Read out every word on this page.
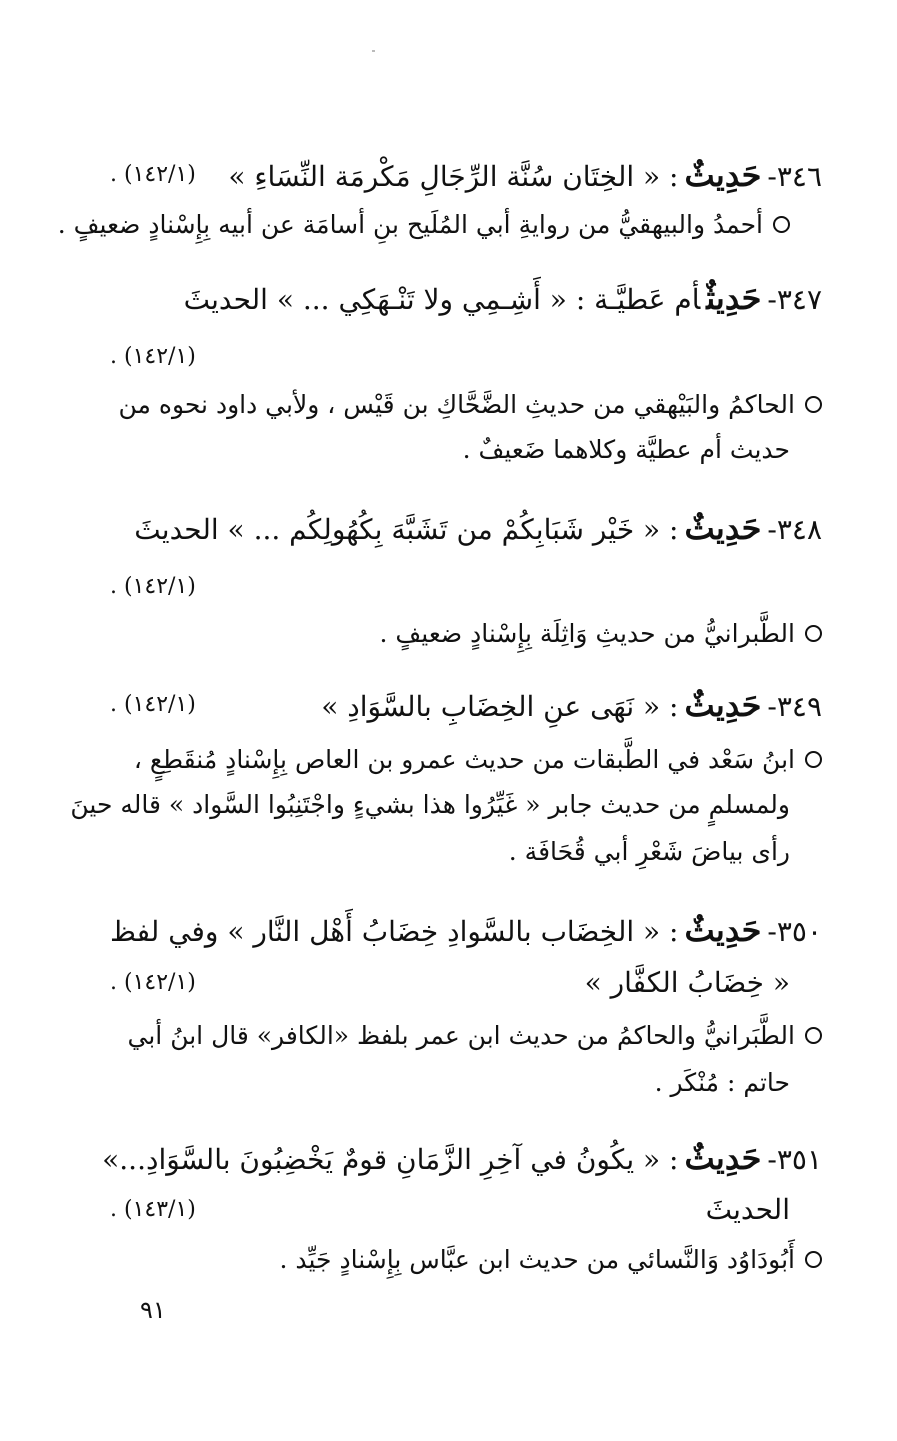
٣٤٦-حَدِيثٌ: « الخِتَان سُنَّة الرِّجَالِ مَكْرمَة النِّسَاءِ »
(١٤٢/١) .
أحمدُ والبيهقيُّ من روايةِ أبي المُلَيح بنِ أسامَة عن أبيه بِإِسْنادٍ ضعيفٍ .
٣٤٧-حَدِيثٌأم عَطيَّـة : « أَشِـمِي ولا تَنْـهَكِي ... » الحديثَ
(١٤٢/١) .
الحاكمُ والبَيْهقي من حديثِ الضَّحَّاكِ بن قَيْس ، ولأبي داود نحوه من
حديث أم عطيَّة وكلاهما ضَعيفٌ .
٣٤٨-حَدِيثٌ: « خَيْر شَبَابِكُمْ من تَشَبَّهَ بِكُهُولِكُم ... » الحديثَ
(١٤٢/١) .
الطَّبرانيُّ من حديثِ وَاثِلَة بِإِسْنادٍ ضعيفٍ .
٣٤٩-حَدِيثٌ: « نَهَى عنِ الخِضَابِ بالسَّوَادِ »
(١٤٢/١) .
ابنُ سَعْد في الطَّبقات من حديث عمرو بن العاص بِإِسْنادٍ مُنقَطِعٍ ،
ولمسلمٍ من حديث جابر « غَيِّرُوا هذا بشيءٍ واجْتَنِبُوا السَّواد » قاله حينَ
رأى بياضَ شَعْرِ أبي قُحَافَة .
٣٥٠-حَدِيثٌ: « الخِضَاب بالسَّوادِ خِضَابُ أَهْل النَّار » وفي لفظ
« خِضَابُ الكفَّار »
(١٤٢/١) .
الطَّبَرانيُّ والحاكمُ من حديث ابن عمر بلفظ «الكافر» قال ابنُ أبي
حاتم : مُنْكَر .
٣٥١-حَدِيثٌ: « يكُونُ في آخِرِ الزَّمَانِ قومٌ يَخْضِبُونَ بالسَّوَادِ...»
الحديثَ
(١٤٣/١) .
أَبُودَاوُد وَالنَّسائي من حديث ابن عبَّاس بِإِسْنادٍ جَيِّد .
٩١
